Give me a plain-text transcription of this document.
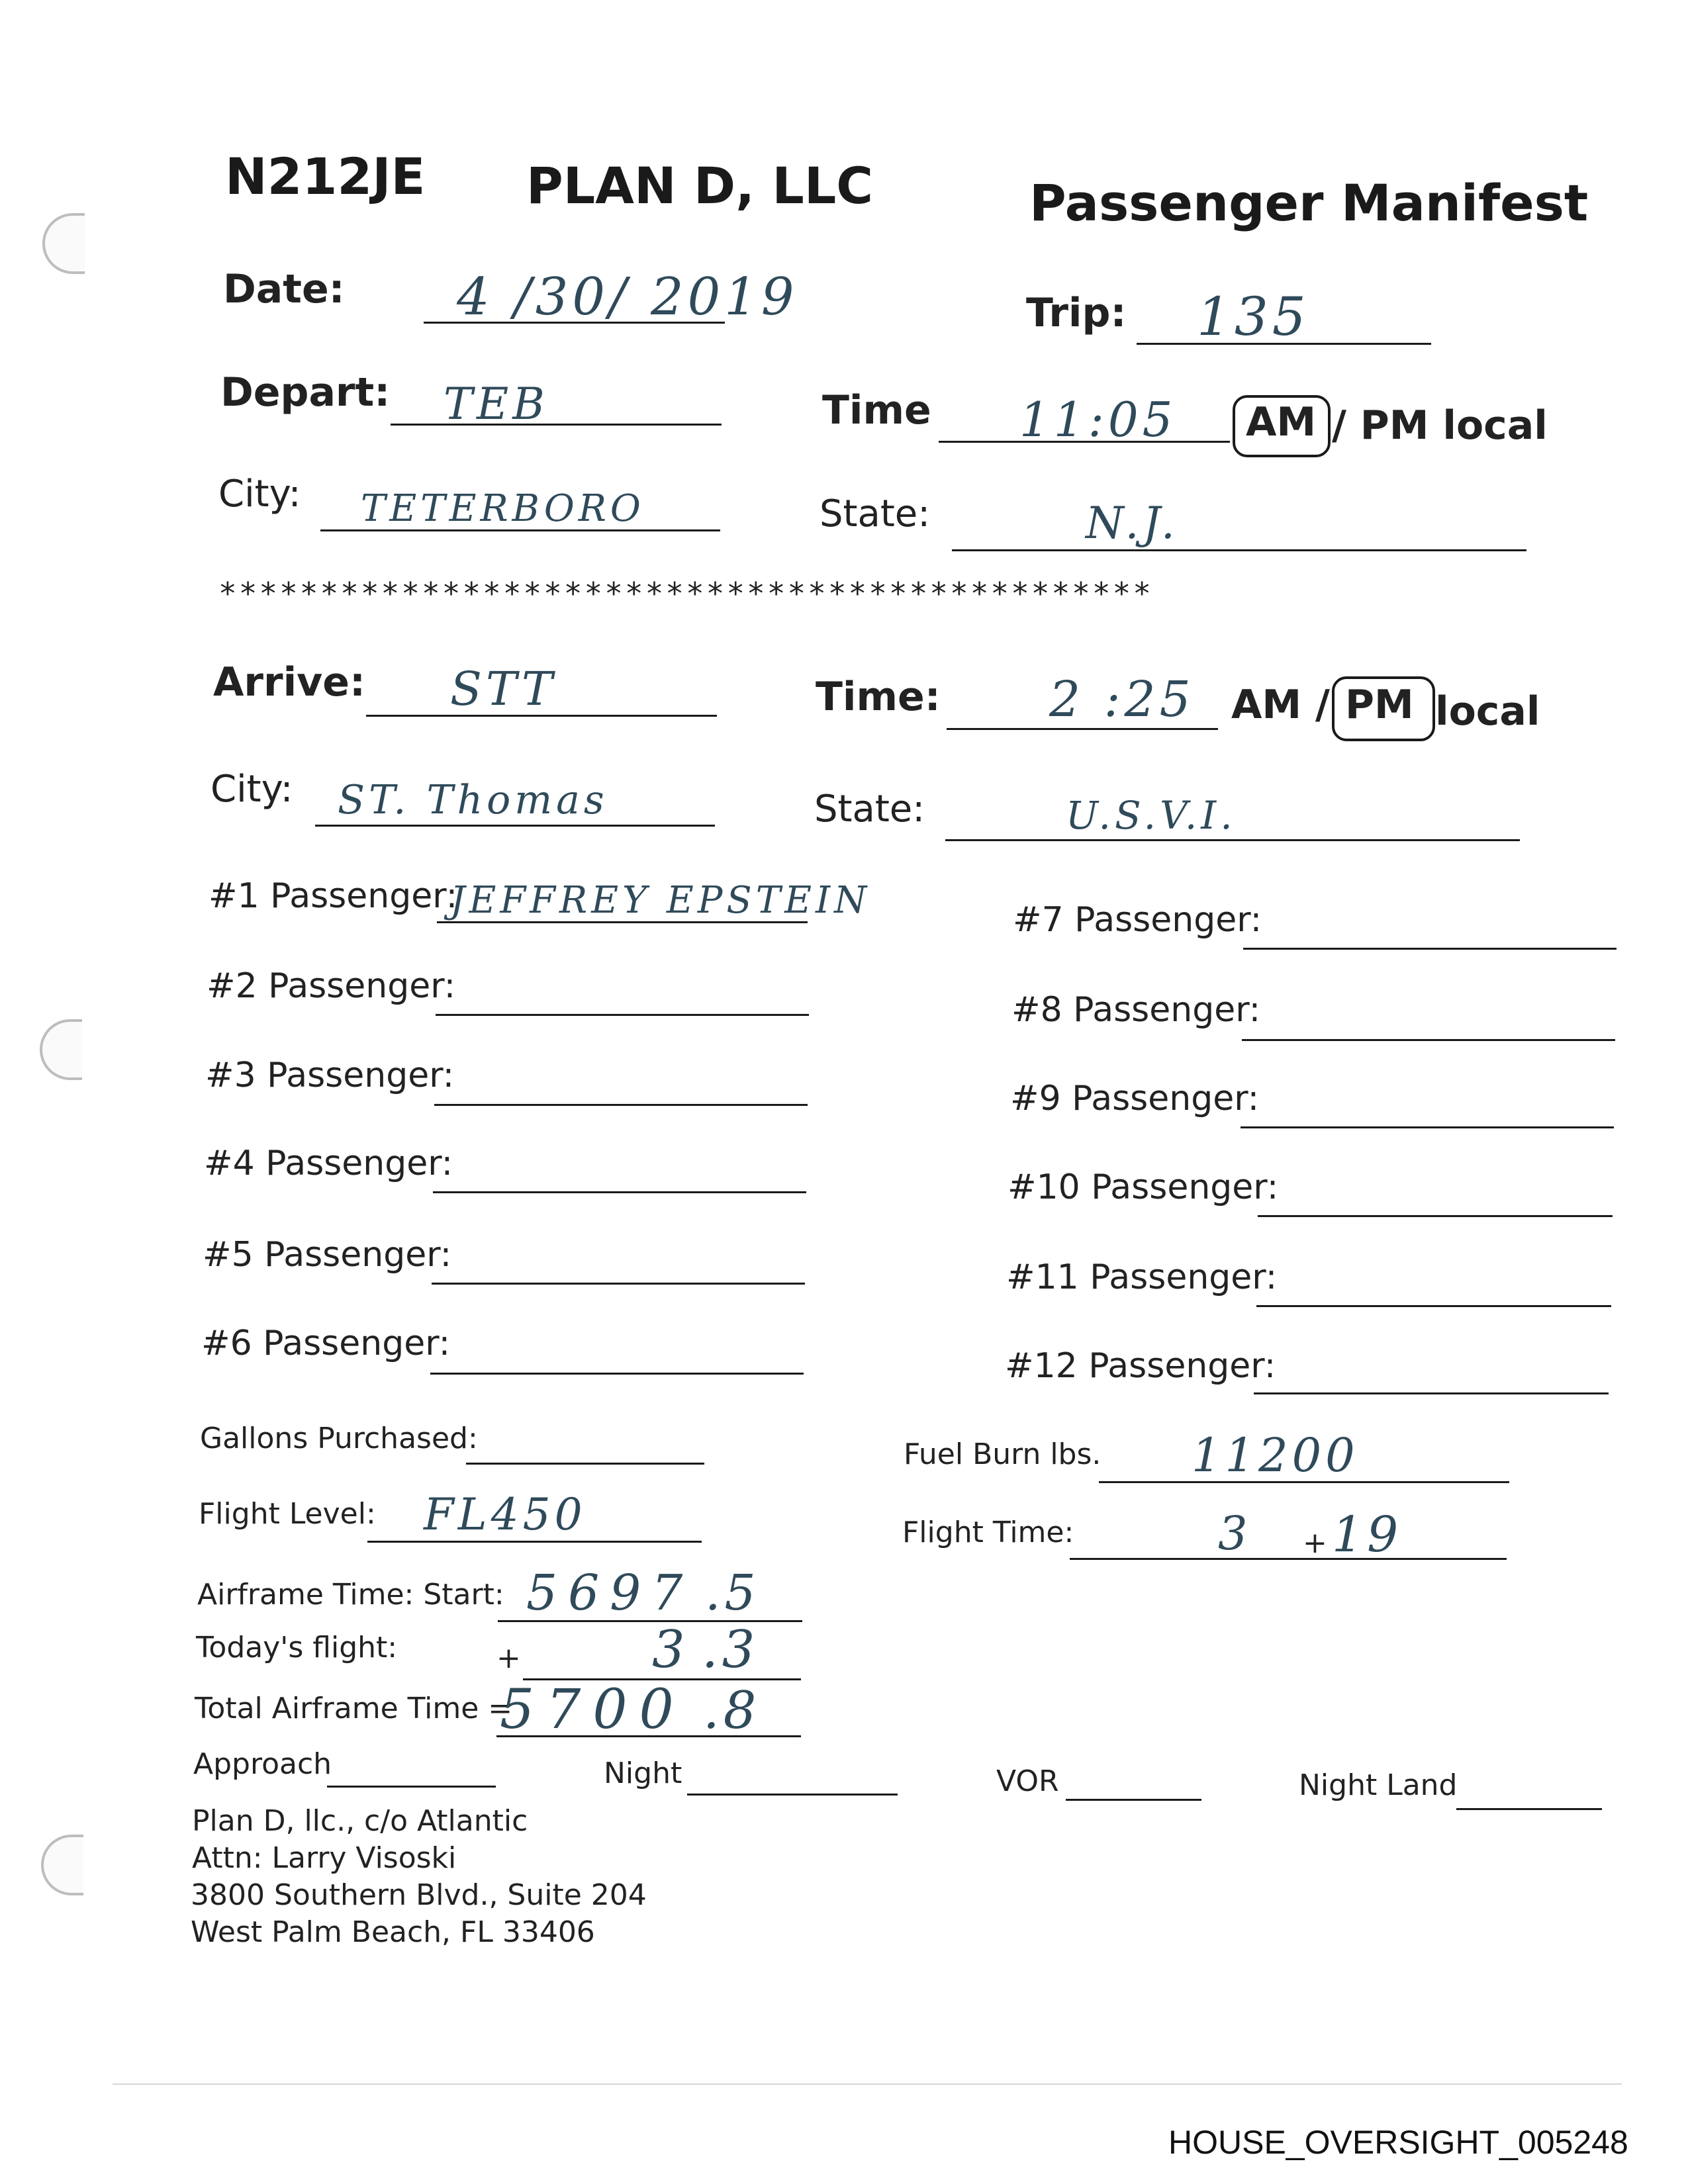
N212JE PLAN D, LLC	Passenger Manifest
Date: 4 /30/ 2019	Trip: 135
Depart: TEB	Time 11:05 AM / PM local
City: TETERBORO	State:	N.J.
**********************************************
Arrive: STT	Time: 2 :25 AM / PM local
City: ST. Thomas	State:	U.S.V.I.
#1 Passenger:
JEFFREY EPSTEIN
#2 Passenger:
#3 Passenger:
#4 Passenger:
#5 Passenger:
#6 Passenger:
#7 Passenger:
#8 Passenger:
#9 Passenger:
#10 Passenger:
#11 Passenger:
#12 Passenger:
Gallons Purchased:	Fuel Burn lbs. 11200
Flight Level: FL450	Flight Time:	3 + 19
Airframe Time: Start: 5697 .5
Today's flight:	+	3 .3
Total Airframe Time =
5700 .8
Approach	Night	VOR	Night Land
Plan D, llc., c/o Atlantic
Attn: Larry Visoski
3800 Southern Blvd., Suite 204
West Palm Beach, FL 33406
HOUSE_OVERSIGHT_005248
